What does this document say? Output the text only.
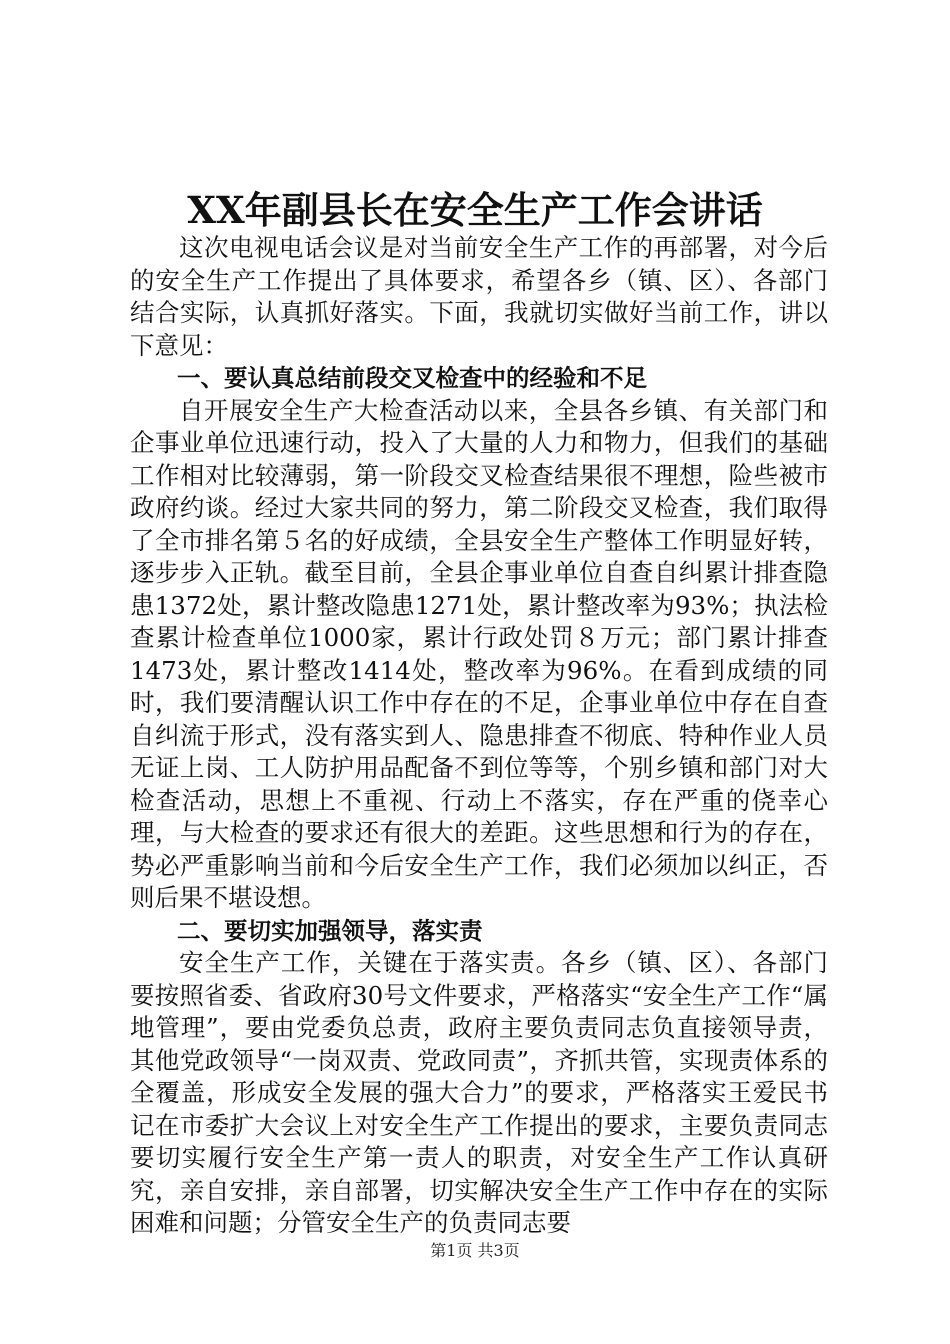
XX年副县长在安全生产工作会讲话

这次电视电话会议是对当前安全生产工作的再部署，对今后的安全生产工作提出了具体要求，希望各乡（镇、区）、各部门结合实际，认真抓好落实。下面，我就切实做好当前工作，讲以下意见：

一、要认真总结前段交叉检查中的经验和不足

自开展安全生产大检查活动以来，全县各乡镇、有关部门和企事业单位迅速行动，投入了大量的人力和物力，但我们的基础工作相对比较薄弱，第一阶段交叉检查结果很不理想，险些被市政府约谈。经过大家共同的努力，第二阶段交叉检查，我们取得了全市排名第５名的好成绩，全县安全生产整体工作明显好转，逐步步入正轨。截至目前，全县企事业单位自查自纠累计排查隐患1372处，累计整改隐患1271处，累计整改率为93%；执法检查累计检查单位1000家，累计行政处罚８万元；部门累计排查1473处，累计整改1414处，整改率为96%。在看到成绩的同时，我们要清醒认识工作中存在的不足，企事业单位中存在自查自纠流于形式，没有落实到人、隐患排查不彻底、特种作业人员无证上岗、工人防护用品配备不到位等等，个别乡镇和部门对大检查活动，思想上不重视、行动上不落实，存在严重的侥幸心理，与大检查的要求还有很大的差距。这些思想和行为的存在，势必严重影响当前和今后安全生产工作，我们必须加以纠正，否则后果不堪设想。

二、要切实加强领导，落实责

安全生产工作，关键在于落实责。各乡（镇、区）、各部门要按照省委、省政府30号文件要求，严格落实“安全生产工作“属地管理”，要由党委负总责，政府主要负责同志负直接领导责，其他党政领导“一岗双责、党政同责”，齐抓共管，实现责体系的全覆盖，形成安全发展的强大合力”的要求，严格落实王爱民书记在市委扩大会议上对安全生产工作提出的要求，主要负责同志要切实履行安全生产第一责人的职责，对安全生产工作认真研究，亲自安排，亲自部署，切实解决安全生产工作中存在的实际困难和问题；分管安全生产的负责同志要

第1页 共3页
